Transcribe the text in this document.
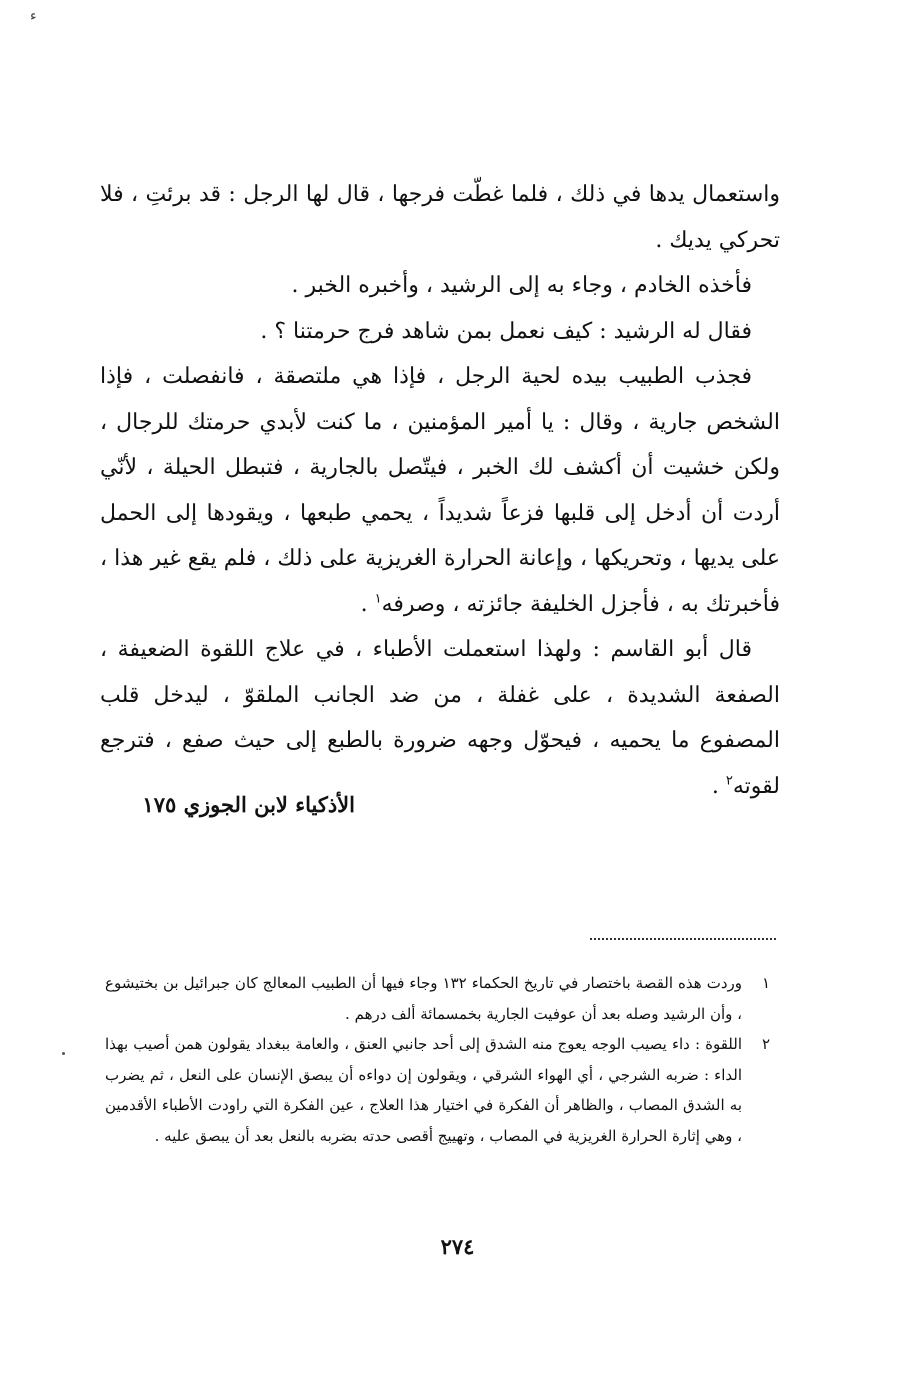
ﺀ

واستعمال يدها في ذلك ، فلما غطّت فرجها ، قال لها الرجل : قد برئتِ ، فلا تحركي يديك .

فأخذه الخادم ، وجاء به إلى الرشيد ، وأخبره الخبر .

فقال له الرشيد : كيف نعمل بمن شاهد فرج حرمتنا ؟ .

فجذب الطبيب بيده لحية الرجل ، فإذا هي ملتصقة ، فانفصلت ، فإذا الشخص جارية ، وقال : يا أمير المؤمنين ، ما كنت لأبدي حرمتك للرجال ، ولكن خشيت أن أكشف لك الخبر ، فيتّصل بالجارية ، فتبطل الحيلة ، لأنّي أردت أن أدخل إلى قلبها فزعاً شديداً ، يحمي طبعها ، ويقودها إلى الحمل على يديها ، وتحريكها ، وإعانة الحرارة الغريزية على ذلك ، فلم يقع غير هذا ، فأخبرتك به ، فأجزل الخليفة جائزته ، وصرفه$^١$ .

قال أبو القاسم : ولهذا استعملت الأطباء ، في علاج اللقوة الضعيفة ، الصفعة الشديدة ، على غفلة ، من ضد الجانب الملقوّ ، ليدخل قلب المصفوع ما يحميه ، فيحوّل وجهه ضرورة بالطبع إلى حيث صفع ، فترجع لقوته$^٢$ .

الأذكياء لابن الجوزي ١٧٥

١
وردت هذه القصة باختصار في تاريخ الحكماء ١٣٢ وجاء فيها أن الطبيب المعالج كان جبرائيل بن بختيشوع ، وأن الرشيد وصله بعد أن عوفيت الجارية بخمسمائة ألف درهم .

٢
اللقوة : داء يصيب الوجه يعوج منه الشدق إلى أحد جانبي العنق ، والعامة ببغداد يقولون همن أصيب بهذا الداء : ضربه الشرجي ، أي الهواء الشرقي ، ويقولون إن دواءه أن يبصق الإنسان على النعل ، ثم يضرب به الشدق المصاب ، والظاهر أن الفكرة في اختيار هذا العلاج ، عين الفكرة التي راودت الأطباء الأقدمين ، وهي إثارة الحرارة الغريزية في المصاب ، وتهييج أقصى حدته بضربه بالنعل بعد أن يبصق عليه .

٢٧٤
